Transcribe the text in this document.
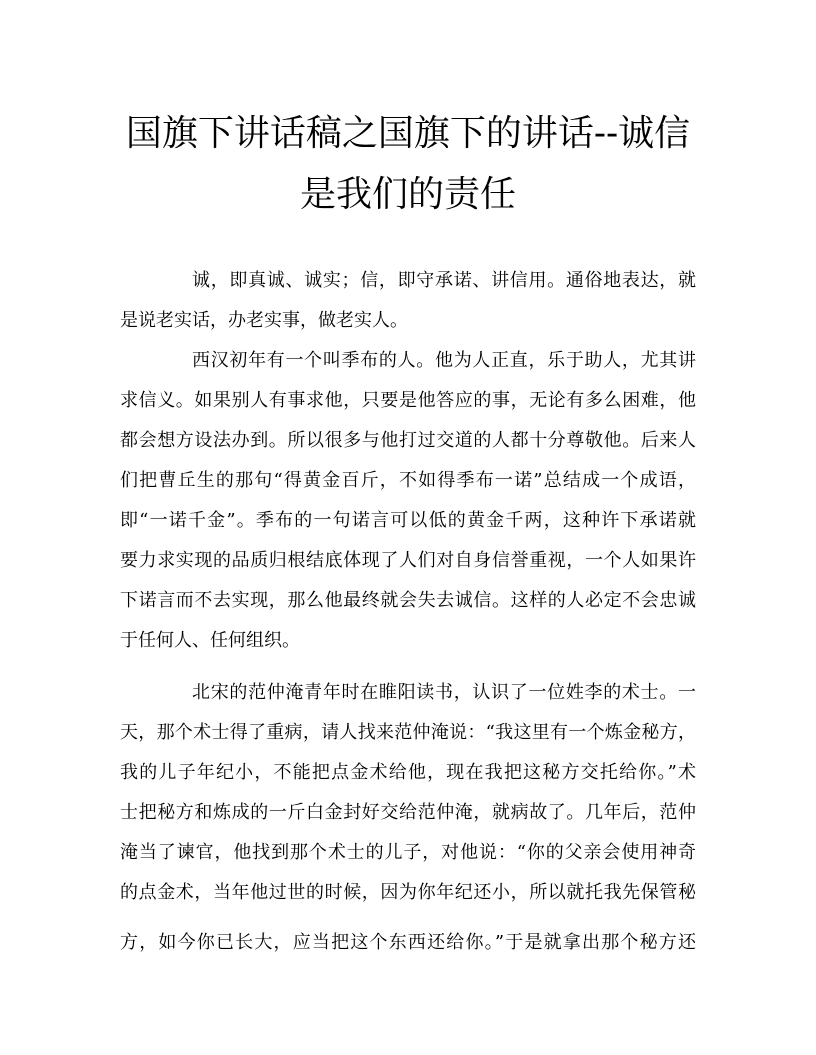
国旗下讲话稿之国旗下的讲话--诚信
是我们的责任
诚，即真诚、诚实；信，即守承诺、讲信用。通俗地表达，就
是说老实话，办老实事，做老实人。
西汉初年有一个叫季布的人。他为人正直，乐于助人，尤其讲
求信义。如果别人有事求他，只要是他答应的事，无论有多么困难，他
都会想方设法办到。所以很多与他打过交道的人都十分尊敬他。后来人
们把曹丘生的那句“得黄金百斤，不如得季布一诺”总结成一个成语，
即“一诺千金”。季布的一句诺言可以低的黄金千两，这种许下承诺就
要力求实现的品质归根结底体现了人们对自身信誉重视，一个人如果许
下诺言而不去实现，那么他最终就会失去诚信。这样的人必定不会忠诚
于任何人、任何组织。
北宋的范仲淹青年时在睢阳读书，认识了一位姓李的术士。一
天，那个术士得了重病，请人找来范仲淹说：“我这里有一个炼金秘方，
我的儿子年纪小，不能把点金术给他，现在我把这秘方交托给你。”术
士把秘方和炼成的一斤白金封好交给范仲淹，就病故了。几年后，范仲
淹当了谏官，他找到那个术士的儿子，对他说：“你的父亲会使用神奇
的点金术，当年他过世的时候，因为你年纪还小，所以就托我先保管秘
方，如今你已长大，应当把这个东西还给你。”于是就拿出那个秘方还
